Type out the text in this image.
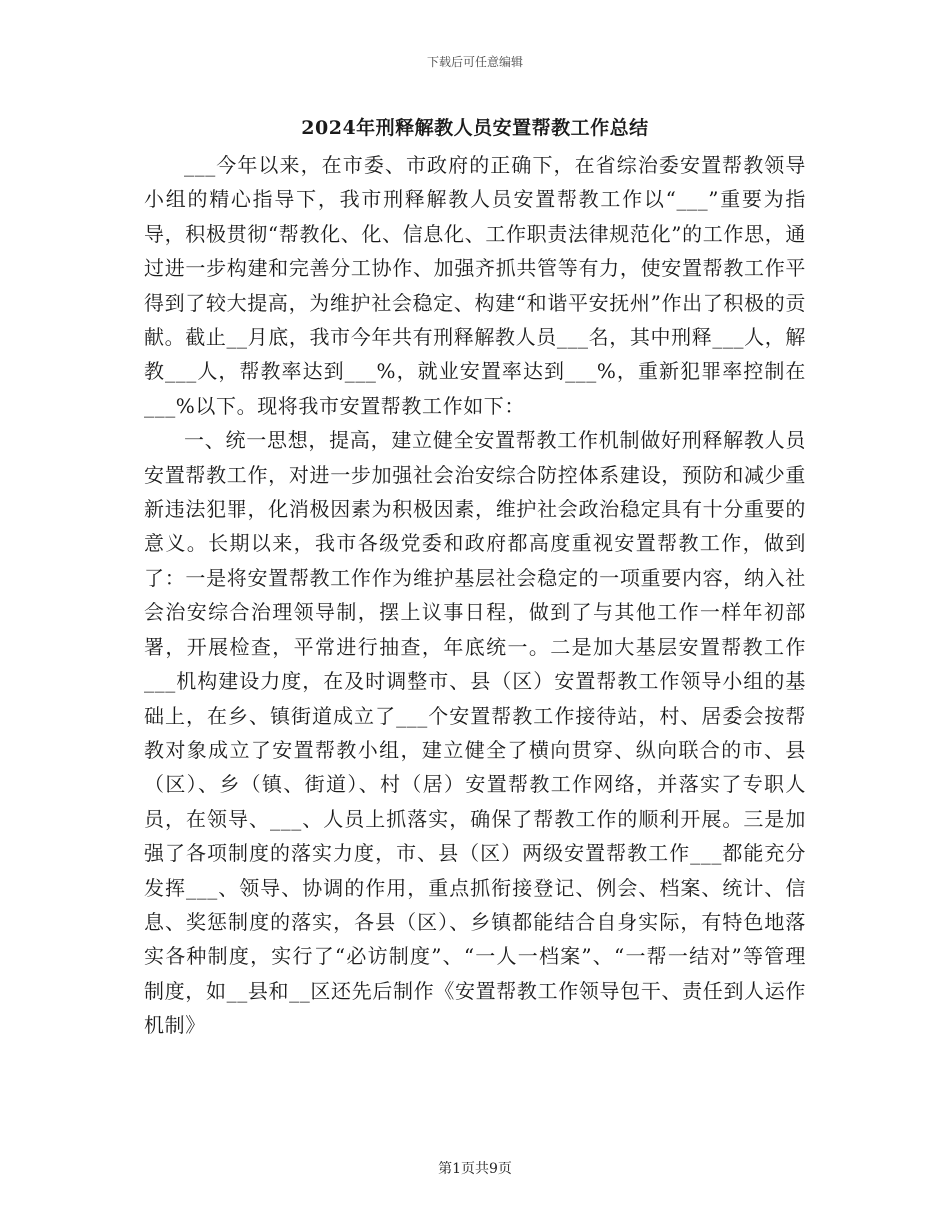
下载后可任意编辑
2024年刑释解教人员安置帮教工作总结

___今年以来，在市委、市政府的正确下，在省综治委安置帮教领导小组的精心指导下，我市刑释解教人员安置帮教工作以“___”重要为指导，积极贯彻“帮教化、化、信息化、工作职责法律规范化”的工作思，通过进一步构建和完善分工协作、加强齐抓共管等有力，使安置帮教工作平得到了较大提高，为维护社会稳定、构建“和谐平安抚州”作出了积极的贡献。截止__月底，我市今年共有刑释解教人员___名，其中刑释___人，解教___人，帮教率达到___%，就业安置率达到___%，重新犯罪率控制在___%以下。现将我市安置帮教工作如下：

一、统一思想，提高，建立健全安置帮教工作机制做好刑释解教人员安置帮教工作，对进一步加强社会治安综合防控体系建设，预防和减少重新违法犯罪，化消极因素为积极因素，维护社会政治稳定具有十分重要的意义。长期以来，我市各级党委和政府都高度重视安置帮教工作，做到了：一是将安置帮教工作作为维护基层社会稳定的一项重要内容，纳入社会治安综合治理领导制，摆上议事日程，做到了与其他工作一样年初部署，开展检查，平常进行抽查，年底统一。二是加大基层安置帮教工作___机构建设力度，在及时调整市、县（区）安置帮教工作领导小组的基础上，在乡、镇街道成立了___个安置帮教工作接待站，村、居委会按帮教对象成立了安置帮教小组，建立健全了横向贯穿、纵向联合的市、县（区）、乡（镇、街道）、村（居）安置帮教工作网络，并落实了专职人员，在领导、___、人员上抓落实，确保了帮教工作的顺利开展。三是加强了各项制度的落实力度，市、县（区）两级安置帮教工作___都能充分发挥___、领导、协调的作用，重点抓衔接登记、例会、档案、统计、信息、奖惩制度的落实，各县（区）、乡镇都能结合自身实际，有特色地落实各种制度，实行了“必访制度”、“一人一档案”、“一帮一结对”等管理制度，如__县和__区还先后制作《安置帮教工作领导包干、责任到人运作机制》

第1页共9页
